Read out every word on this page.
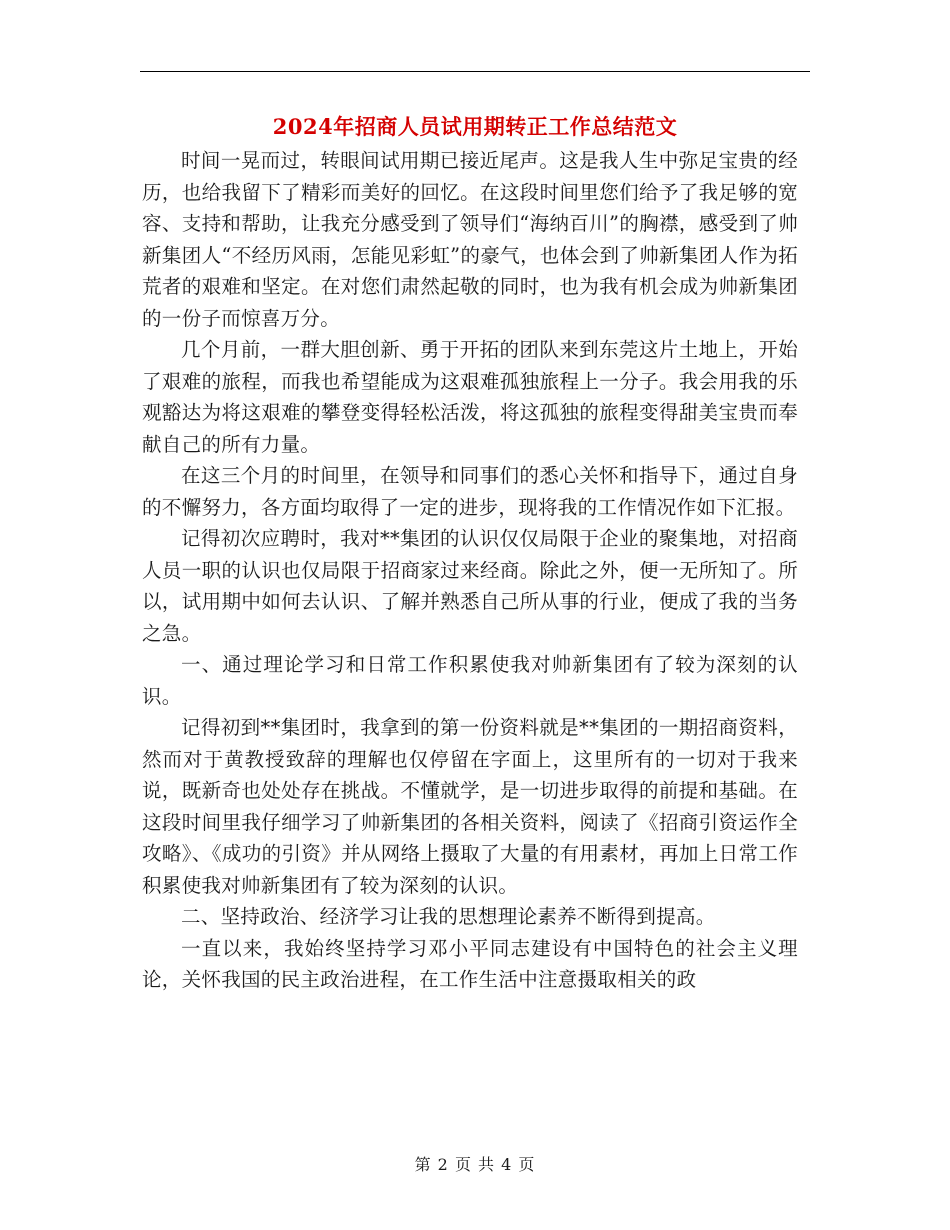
2024年招商人员试用期转正工作总结范文

时间一晃而过，转眼间试用期已接近尾声。这是我人生中弥足宝贵的经历，也给我留下了精彩而美好的回忆。在这段时间里您们给予了我足够的宽容、支持和帮助，让我充分感受到了领导们“海纳百川”的胸襟，感受到了帅新集团人“不经历风雨，怎能见彩虹”的豪气，也体会到了帅新集团人作为拓荒者的艰难和坚定。在对您们肃然起敬的同时，也为我有机会成为帅新集团的一份子而惊喜万分。

几个月前，一群大胆创新、勇于开拓的团队来到东莞这片土地上，开始了艰难的旅程，而我也希望能成为这艰难孤独旅程上一分子。我会用我的乐观豁达为将这艰难的攀登变得轻松活泼，将这孤独的旅程变得甜美宝贵而奉献自己的所有力量。

在这三个月的时间里，在领导和同事们的悉心关怀和指导下，通过自身的不懈努力，各方面均取得了一定的进步，现将我的工作情况作如下汇报。

记得初次应聘时，我对**集团的认识仅仅局限于企业的聚集地，对招商人员一职的认识也仅局限于招商家过来经商。除此之外，便一无所知了。所以，试用期中如何去认识、了解并熟悉自己所从事的行业，便成了我的当务之急。

一、通过理论学习和日常工作积累使我对帅新集团有了较为深刻的认识。

记得初到**集团时，我拿到的第一份资料就是**集团的一期招商资料，然而对于黄教授致辞的理解也仅停留在字面上，这里所有的一切对于我来说，既新奇也处处存在挑战。不懂就学，是一切进步取得的前提和基础。在这段时间里我仔细学习了帅新集团的各相关资料，阅读了《招商引资运作全攻略》、《成功的引资》并从网络上摄取了大量的有用素材，再加上日常工作积累使我对帅新集团有了较为深刻的认识。

二、坚持政治、经济学习让我的思想理论素养不断得到提高。

一直以来，我始终坚持学习邓小平同志建设有中国特色的社会主义理论，关怀我国的民主政治进程，在工作生活中注意摄取相关的政

第 2 页 共 4 页
